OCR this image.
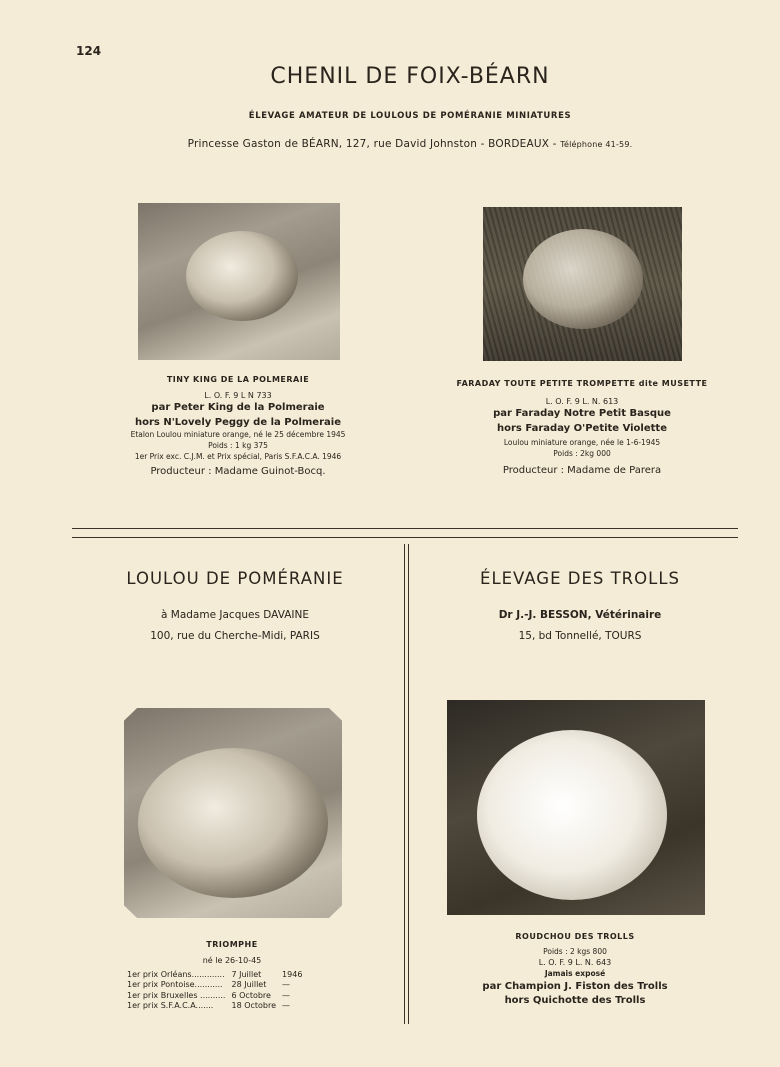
124
CHENIL DE FOIX-BÉARN
ÉLEVAGE AMATEUR DE LOULOUS DE POMÉRANIE MINIATURES
Princesse Gaston de BÉARN, 127, rue David Johnston - BORDEAUX - Téléphone 41-59.
TINY KING DE LA POLMERAIE
L. O. F. 9 L N 733
par Peter King de la Polmeraie
hors N'Lovely Peggy de la Polmeraie
Etalon Loulou miniature orange, né le 25 décembre 1945
Poids : 1 kg 375
1er Prix exc. C.J.M. et Prix spécial, Paris S.F.A.C.A. 1946
Producteur : Madame Guinot-Bocq.
FARADAY TOUTE PETITE TROMPETTE dite MUSETTE
L. O. F. 9 L. N. 613
par Faraday Notre Petit Basque
hors Faraday O'Petite Violette
Loulou miniature orange, née le 1-6-1945
Poids : 2kg 000
Producteur : Madame de Parera
LOULOU DE POMÉRANIE
à Madame Jacques DAVAINE
100, rue du Cherche-Midi, PARIS
TRIOMPHE
né le 26-10-45
1er prix Orléans.............	7 Juillet	1946
1er prix Pontoise...........	28 Juillet	—
1er prix Bruxelles ..........	6 Octobre	—
1er prix S.F.A.C.A.......	18 Octobre	—
ÉLEVAGE DES TROLLS
Dr J.-J. BESSON, Vétérinaire
15, bd Tonnellé, TOURS
ROUDCHOU DES TROLLS
Poids : 2 kgs 800
L. O. F. 9 L. N. 643
Jamais exposé
par Champion J. Fiston des Trolls
hors Quichotte des Trolls
